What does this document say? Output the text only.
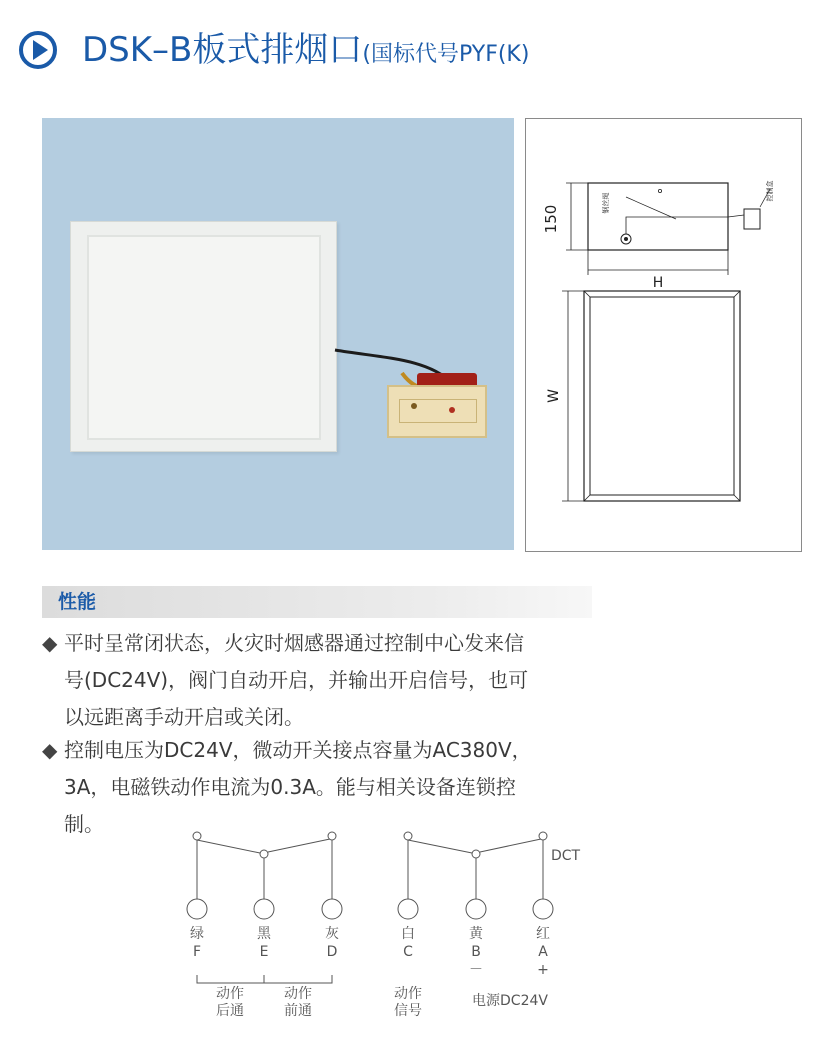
DSK–B板式排烟口(国标代号PYF(K)
150
钢丝绳
控制盒
H
W
性能
◆ 平时呈常闭状态，火灾时烟感器通过控制中心发来信
号(DC24V)，阀门自动开启，并输出开启信号，也可
以远距离手动开启或关闭。
◆ 控制电压为DC24V，微动开关接点容量为AC380V，
3A，电磁铁动作电流为0.3A。能与相关设备连锁控
制。
DCT
绿
F
黑
E
灰
D
白
C
黄
B
－
红
A
+
动作
后通
动作
前通
动作
信号
电源DC24V
